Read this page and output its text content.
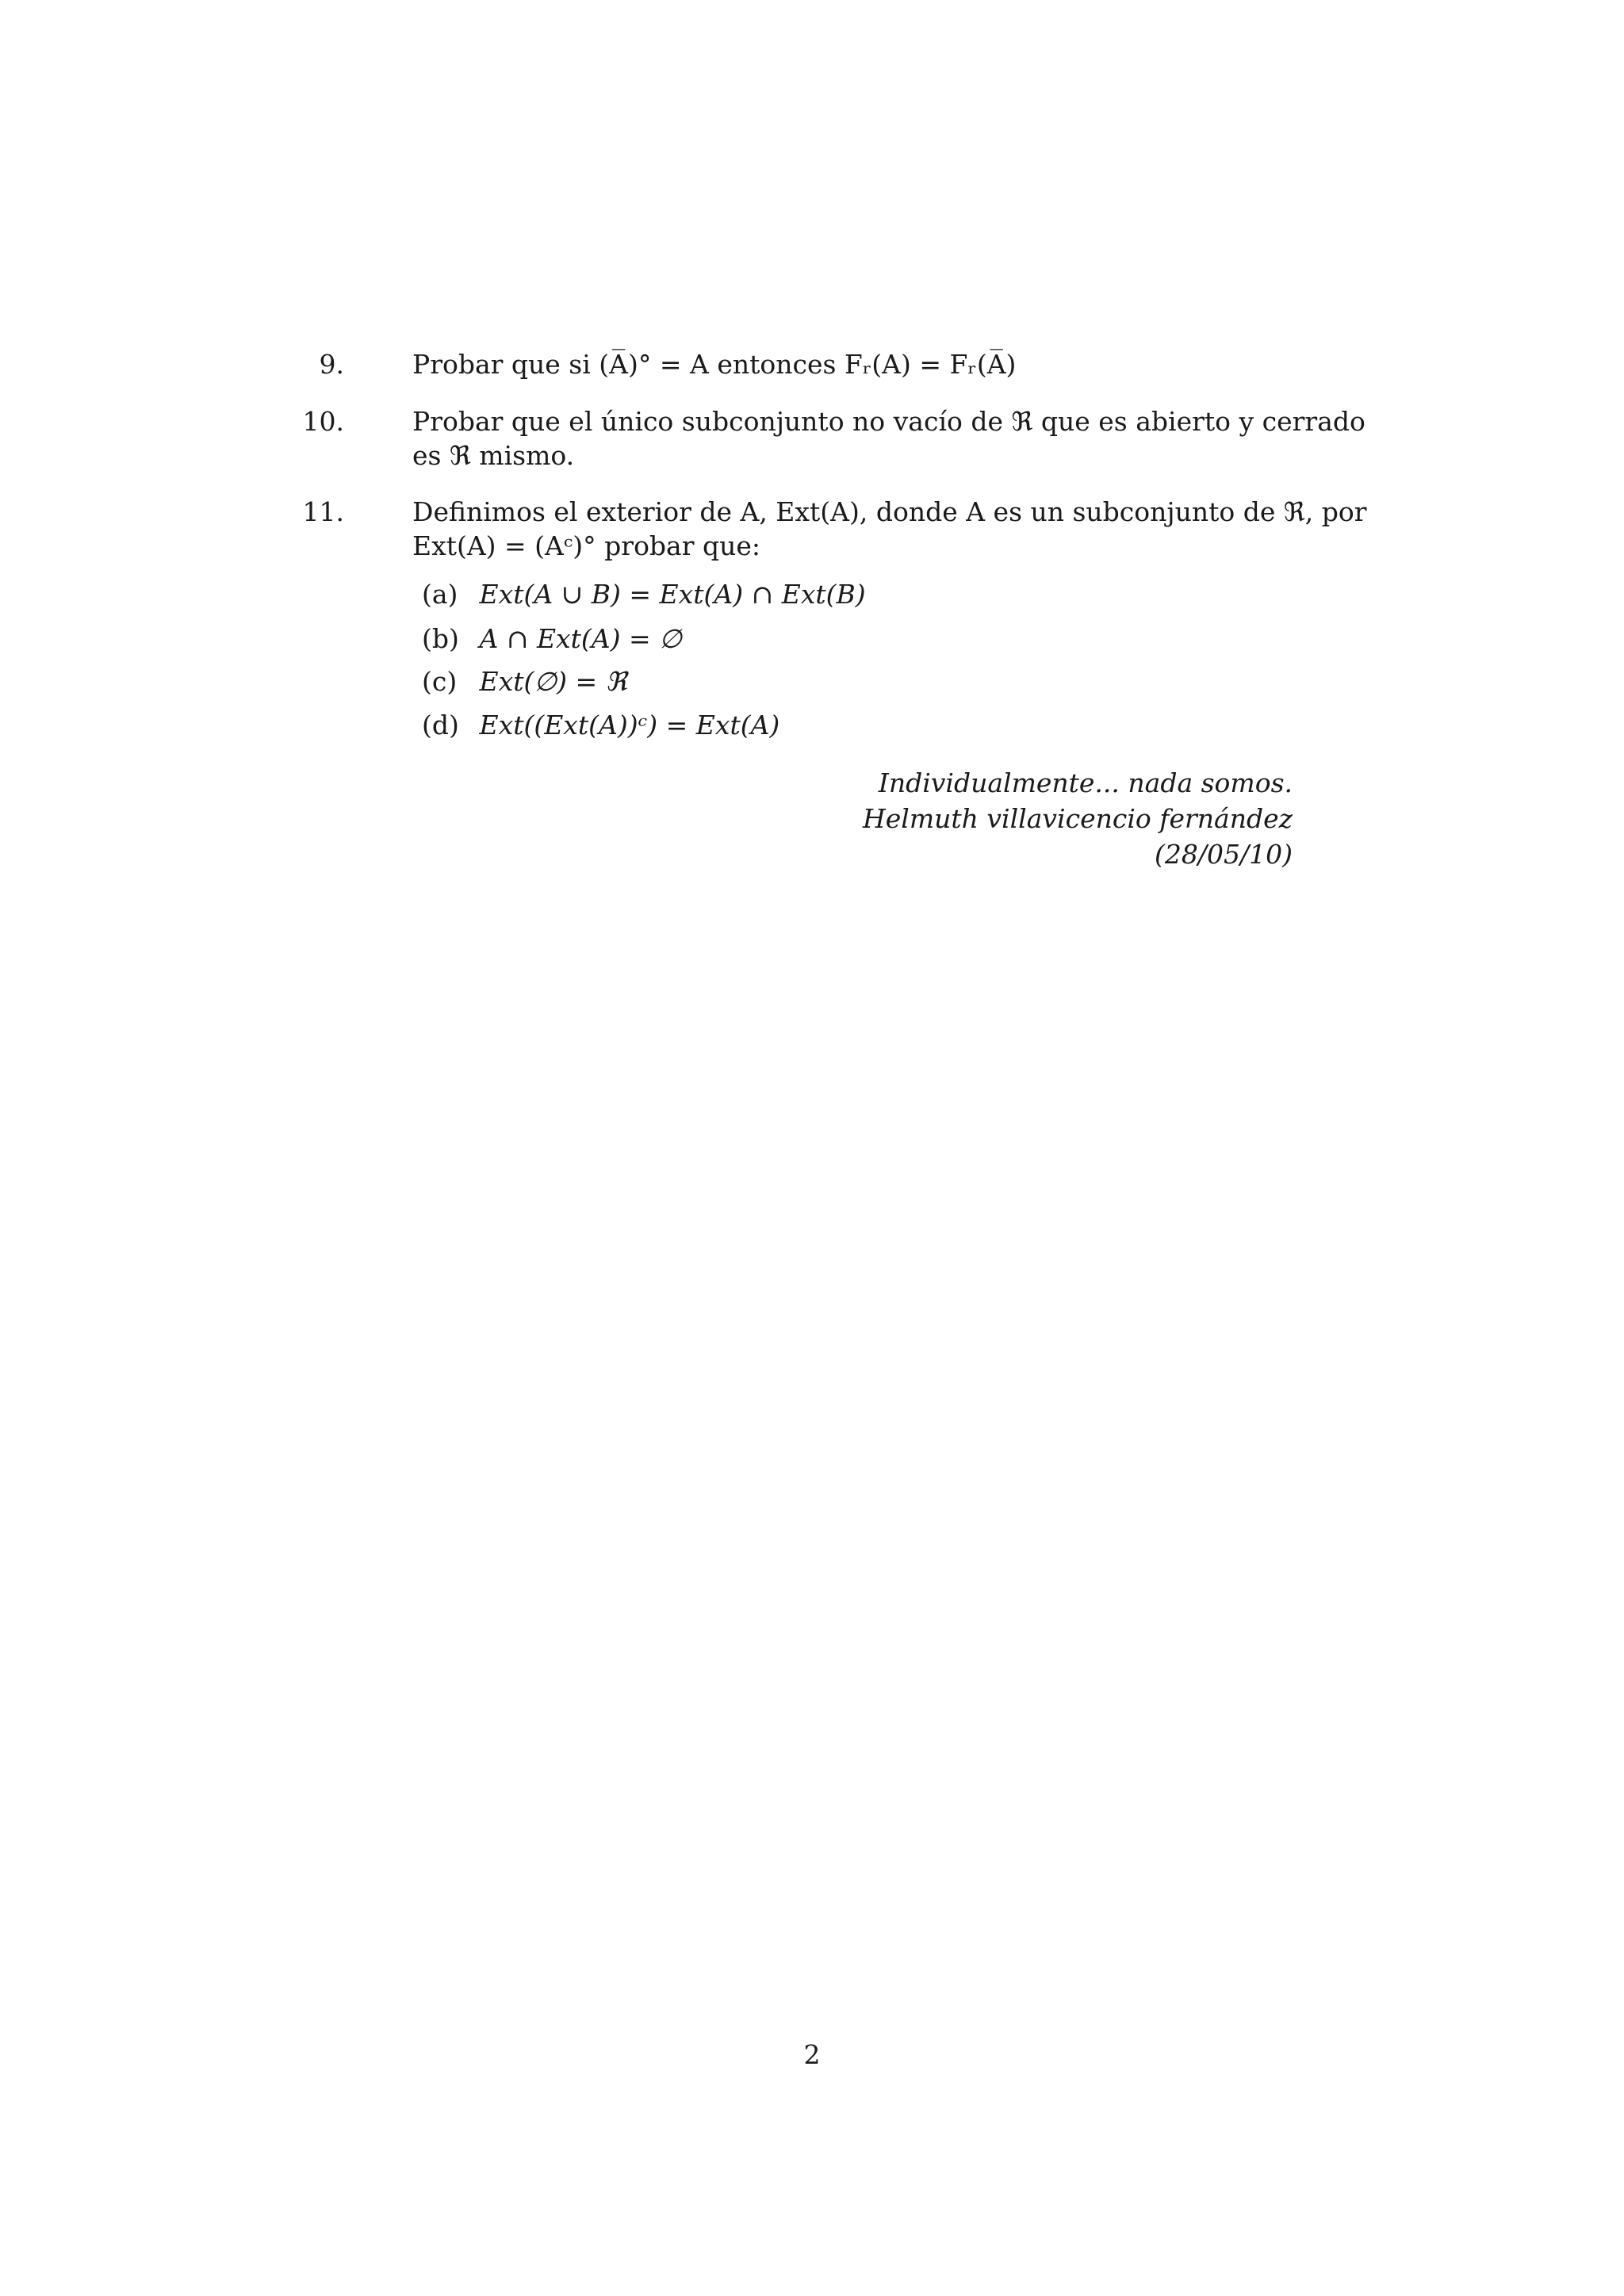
9.	Probar que si (A̅)° = A entonces Fᵣ(A) = Fᵣ(A̅)
10.	Probar que el único subconjunto no vacío de ℜ que es abierto y cerrado
es ℜ mismo.
11.	Definimos el exterior de A, Ext(A), donde A es un subconjunto de ℜ, por
Ext(A) = (Aᶜ)° probar que:
(a) Ext(A ∪ B) = Ext(A) ∩ Ext(B)
(b) A ∩ Ext(A) = ∅
(c) Ext(∅) = ℜ
(d) Ext((Ext(A))ᶜ) = Ext(A)
Individualmente... nada somos.
Helmuth villavicencio fernández
(28/05/10)
2
